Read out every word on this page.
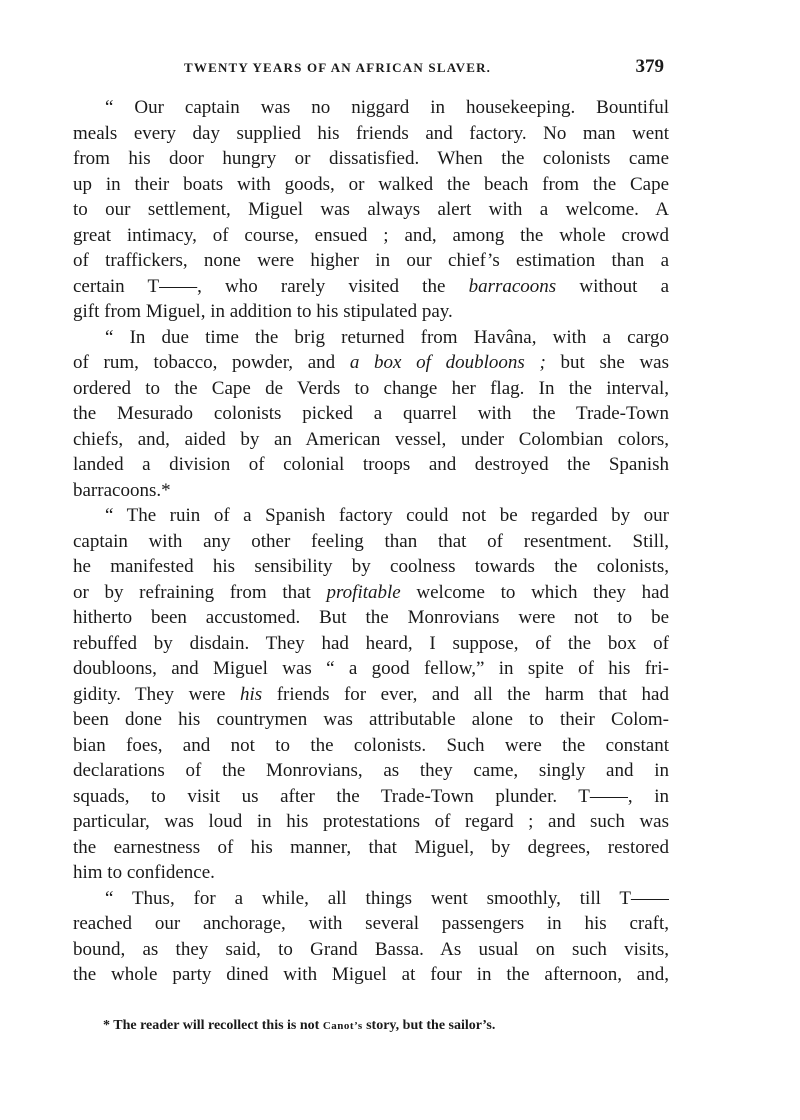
TWENTY YEARS OF AN AFRICAN SLAVER.	379
“ Our captain was no niggard in housekeeping. Bountiful
meals every day supplied his friends and factory. No man went
from his door hungry or dissatisfied. When the colonists came
up in their boats with goods, or walked the beach from the Cape
to our settlement, Miguel was always alert with a welcome. A
great intimacy, of course, ensued ; and, among the whole crowd
of traffickers, none were higher in our chief’s estimation than a
certain T——, who rarely visited the barracoons without a
gift from Miguel, in addition to his stipulated pay.
“ In due time the brig returned from Havâna, with a cargo
of rum, tobacco, powder, and a box of doubloons ; but she was
ordered to the Cape de Verds to change her flag. In the interval,
the Mesurado colonists picked a quarrel with the Trade-Town
chiefs, and, aided by an American vessel, under Colombian colors,
landed a division of colonial troops and destroyed the Spanish
barracoons.*
“ The ruin of a Spanish factory could not be regarded by our
captain with any other feeling than that of resentment. Still,
he manifested his sensibility by coolness towards the colonists,
or by refraining from that profitable welcome to which they had
hitherto been accustomed. But the Monrovians were not to be
rebuffed by disdain. They had heard, I suppose, of the box of
doubloons, and Miguel was “ a good fellow,” in spite of his fri-
gidity. They were his friends for ever, and all the harm that had
been done his countrymen was attributable alone to their Colom-
bian foes, and not to the colonists. Such were the constant
declarations of the Monrovians, as they came, singly and in
squads, to visit us after the Trade-Town plunder. T——, in
particular, was loud in his protestations of regard ; and such was
the earnestness of his manner, that Miguel, by degrees, restored
him to confidence.
“ Thus, for a while, all things went smoothly, till T——
reached our anchorage, with several passengers in his craft,
bound, as they said, to Grand Bassa. As usual on such visits,
the whole party dined with Miguel at four in the afternoon, and,
* The reader will recollect this is not Canot’s story, but the sailor’s.
